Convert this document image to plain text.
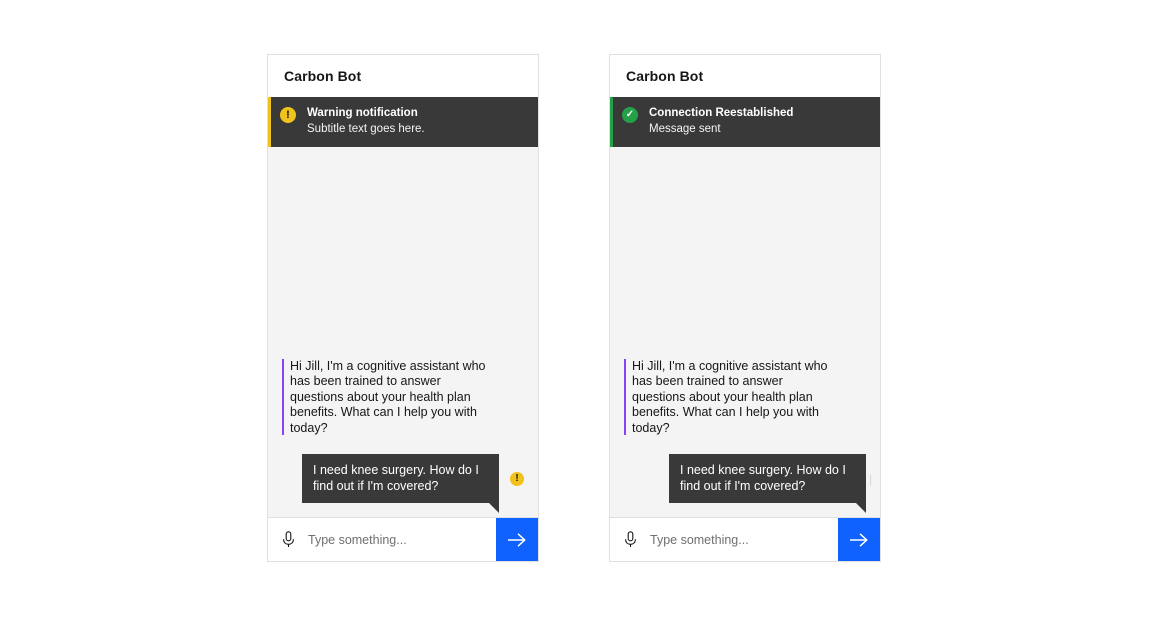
Carbon Bot
!	Warning notification
Subtitle text goes here.
Hi Jill, I'm a cognitive assistant who has been trained to answer questions about your health plan benefits. What can I help you with today?
I need knee surgery. How do I find out if I'm covered?
!
Type something...
Carbon Bot
✓	Connection Reestablished
Message sent
Hi Jill, I'm a cognitive assistant who has been trained to answer questions about your health plan benefits. What can I help you with today?
I need knee surgery. How do I find out if I'm covered?	│
Type something...
